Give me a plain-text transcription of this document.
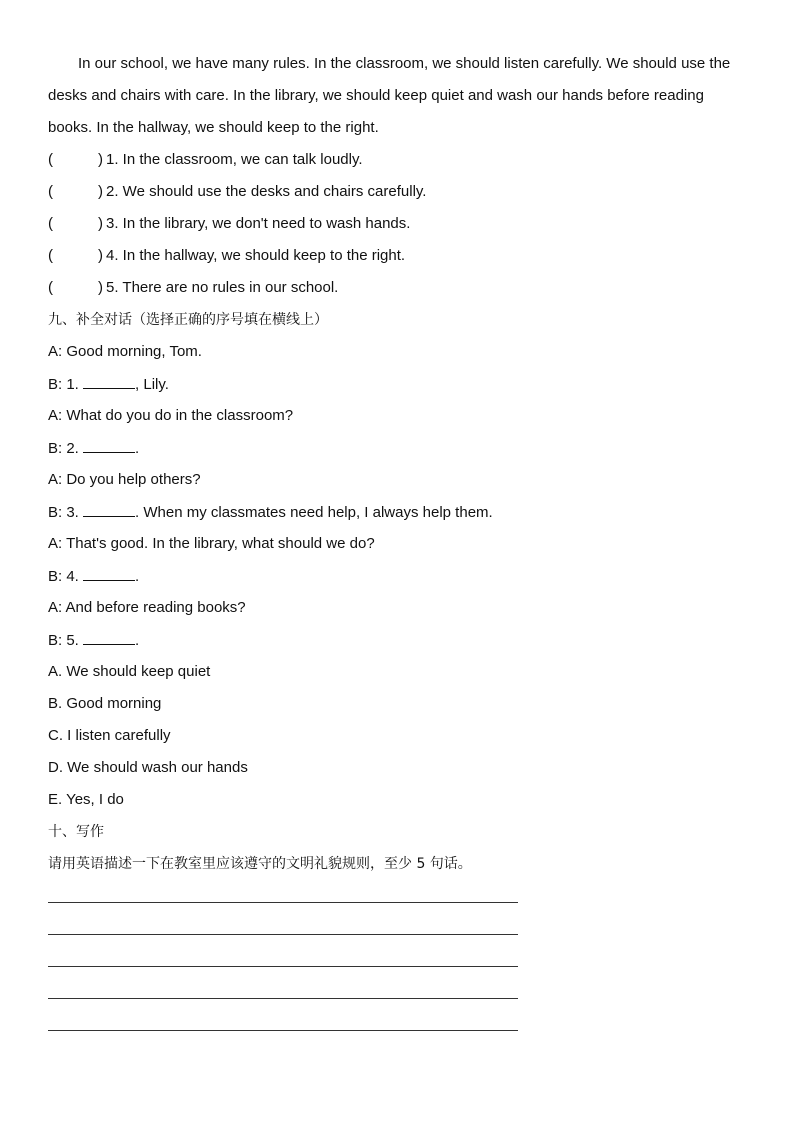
In our school, we have many rules. In the classroom, we should listen carefully. We should use the desks and chairs with care. In the library, we should keep quiet and wash our hands before reading books. In the hallway, we should keep to the right.

(	) 1. In the classroom, we can talk loudly.
(	) 2. We should use the desks and chairs carefully.
(	) 3. In the library, we don't need to wash hands.
(	) 4. In the hallway, we should keep to the right.
(	) 5. There are no rules in our school.
九、补全对话（选择正确的序号填在横线上）
A: Good morning, Tom.
B: 1.	, Lily.
A: What do you do in the classroom?
B: 2.	.
A: Do you help others?
B: 3.	. When my classmates need help, I always help them.
A: That's good. In the library, what should we do?
B: 4.	.
A: And before reading books?
B: 5.	.
A. We should keep quiet
B. Good morning
C. I listen carefully
D. We should wash our hands
E. Yes, I do
十、写作
请用英语描述一下在教室里应该遵守的文明礼貌规则，至少 5 句话。
